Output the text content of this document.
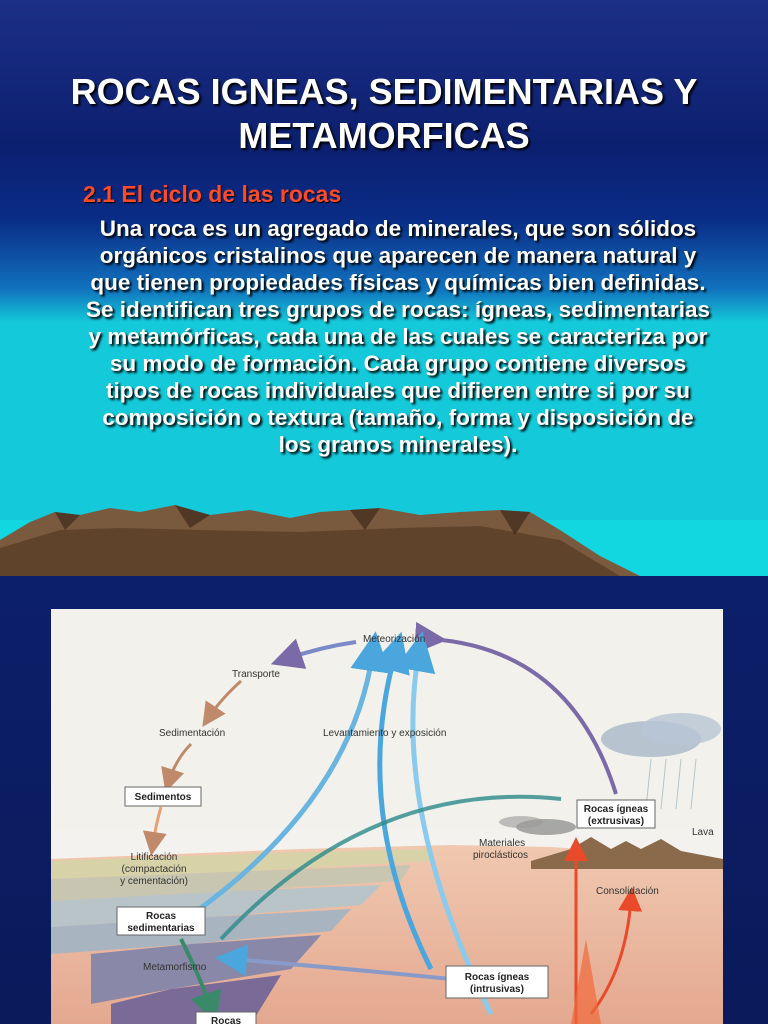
ROCAS IGNEAS, SEDIMENTARIAS Y METAMORFICAS
2.1 El ciclo de las rocas
Una roca es un agregado de minerales, que son sólidos orgánicos cristalinos que aparecen de manera natural y que tienen propiedades físicas y químicas bien definidas. Se identifican tres grupos de rocas: ígneas, sedimentarias y metamórficas, cada una de las cuales se caracteriza por su modo de formación. Cada grupo contiene diversos tipos de rocas individuales que difieren entre si por su composición o textura (tamaño, forma y disposición de los granos minerales).
Meteorización
Transporte
Sedimentación	Levantamiento y exposición
Sedimentos
Litificación
(compactación
y cementación)
Rocas
sedimentarias
Metamorfismo
Rocas
Rocas ígneas
(extrusivas)
Lava
Materiales
piroclásticos
Consolidación
Rocas ígneas
(intrusivas)
